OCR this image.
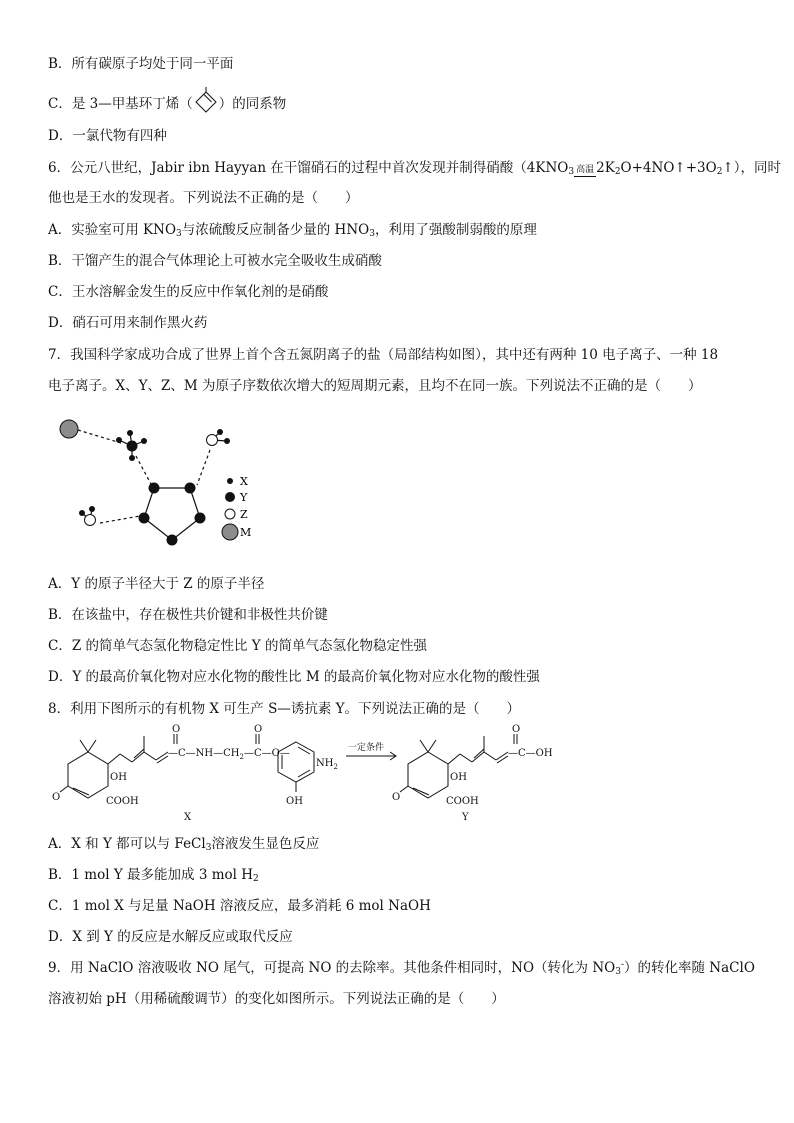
B．所有碳原子均处于同一平面
C．是 3—甲基环丁烯（ ）的同系物
D．一氯代物有四种
6．公元八世纪，Jabir ibn Hayyan 在干馏硝石的过程中首次发现并制得硝酸（$4KNO_3$ 高温 $2K_2O+4NO↑+3O_2↑$），同时
他也是王水的发现者。下列说法不正确的是（　　）
A．实验室可用 $KNO_3$与浓硫酸反应制备少量的 $HNO_3$，利用了强酸制弱酸的原理
B．干馏产生的混合气体理论上可被水完全吸收生成硝酸
C．王水溶解金发生的反应中作氧化剂的是硝酸
D．硝石可用来制作黑火药
7．我国科学家成功合成了世界上首个含五氮阴离子的盐（局部结构如图），其中还有两种 10 电子离子、一种 18
电子离子。X、Y、Z、M 为原子序数依次增大的短周期元素，且均不在同一族。下列说法不正确的是（　　）
X
Y
Z
M
A．Y 的原子半径大于 Z 的原子半径
B．在该盐中，存在极性共价键和非极性共价键
C．Z 的简单气态氢化物稳定性比 Y 的简单气态氢化物稳定性强
D．Y 的最高价氧化物对应水化物的酸性比 M 的最高价氧化物对应水化物的酸性强
8．利用下图所示的有机物 X 可生产 S—诱抗素 Y。下列说法正确的是（　　）
OH
O	COOH
O
$—C—NH—CH_2$
O
—C—O—
$NH_2$
OH
一定条件
OH
O	COOH
O
—C—OH
X	Y
A．X 和 Y 都可以与 FeCl$_3$溶液发生显色反应
B．1 mol Y 最多能加成 3 mol $H_2$
C．1 mol X 与足量 NaOH 溶液反应，最多消耗 6 mol NaOH
D．X 到 Y 的反应是水解反应或取代反应
9．用 NaClO 溶液吸收 NO 尾气，可提高 NO 的去除率。其他条件相同时，NO（转化为 $NO_3^-$）的转化率随 NaClO
溶液初始 pH（用稀硫酸调节）的变化如图所示。下列说法正确的是（　　）
